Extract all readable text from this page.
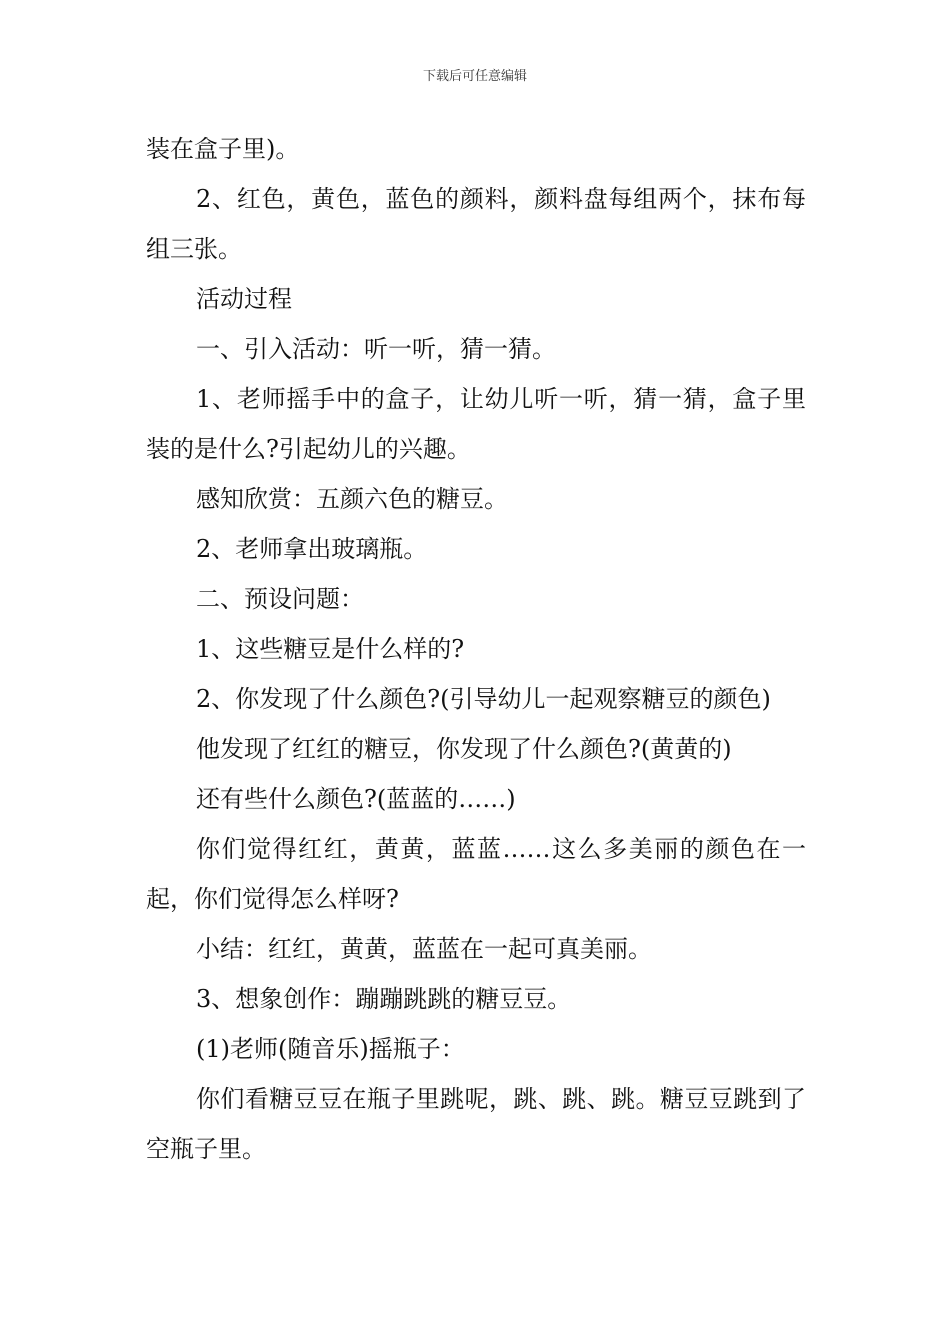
下载后可任意编辑

装在盒子里)。

2、红色，黄色，蓝色的颜料，颜料盘每组两个，抹布每组三张。

活动过程

一、引入活动：听一听，猜一猜。

1、老师摇手中的盒子，让幼儿听一听，猜一猜，盒子里装的是什么?引起幼儿的兴趣。

感知欣赏：五颜六色的糖豆。

2、老师拿出玻璃瓶。

二、预设问题：

1、这些糖豆是什么样的?

2、你发现了什么颜色?(引导幼儿一起观察糖豆的颜色)

他发现了红红的糖豆，你发现了什么颜色?(黄黄的)

还有些什么颜色?(蓝蓝的……)

你们觉得红红，黄黄，蓝蓝……这么多美丽的颜色在一起，你们觉得怎么样呀?

小结：红红，黄黄，蓝蓝在一起可真美丽。

3、想象创作：蹦蹦跳跳的糖豆豆。

(1)老师(随音乐)摇瓶子：

你们看糖豆豆在瓶子里跳呢，跳、跳、跳。糖豆豆跳到了空瓶子里。
